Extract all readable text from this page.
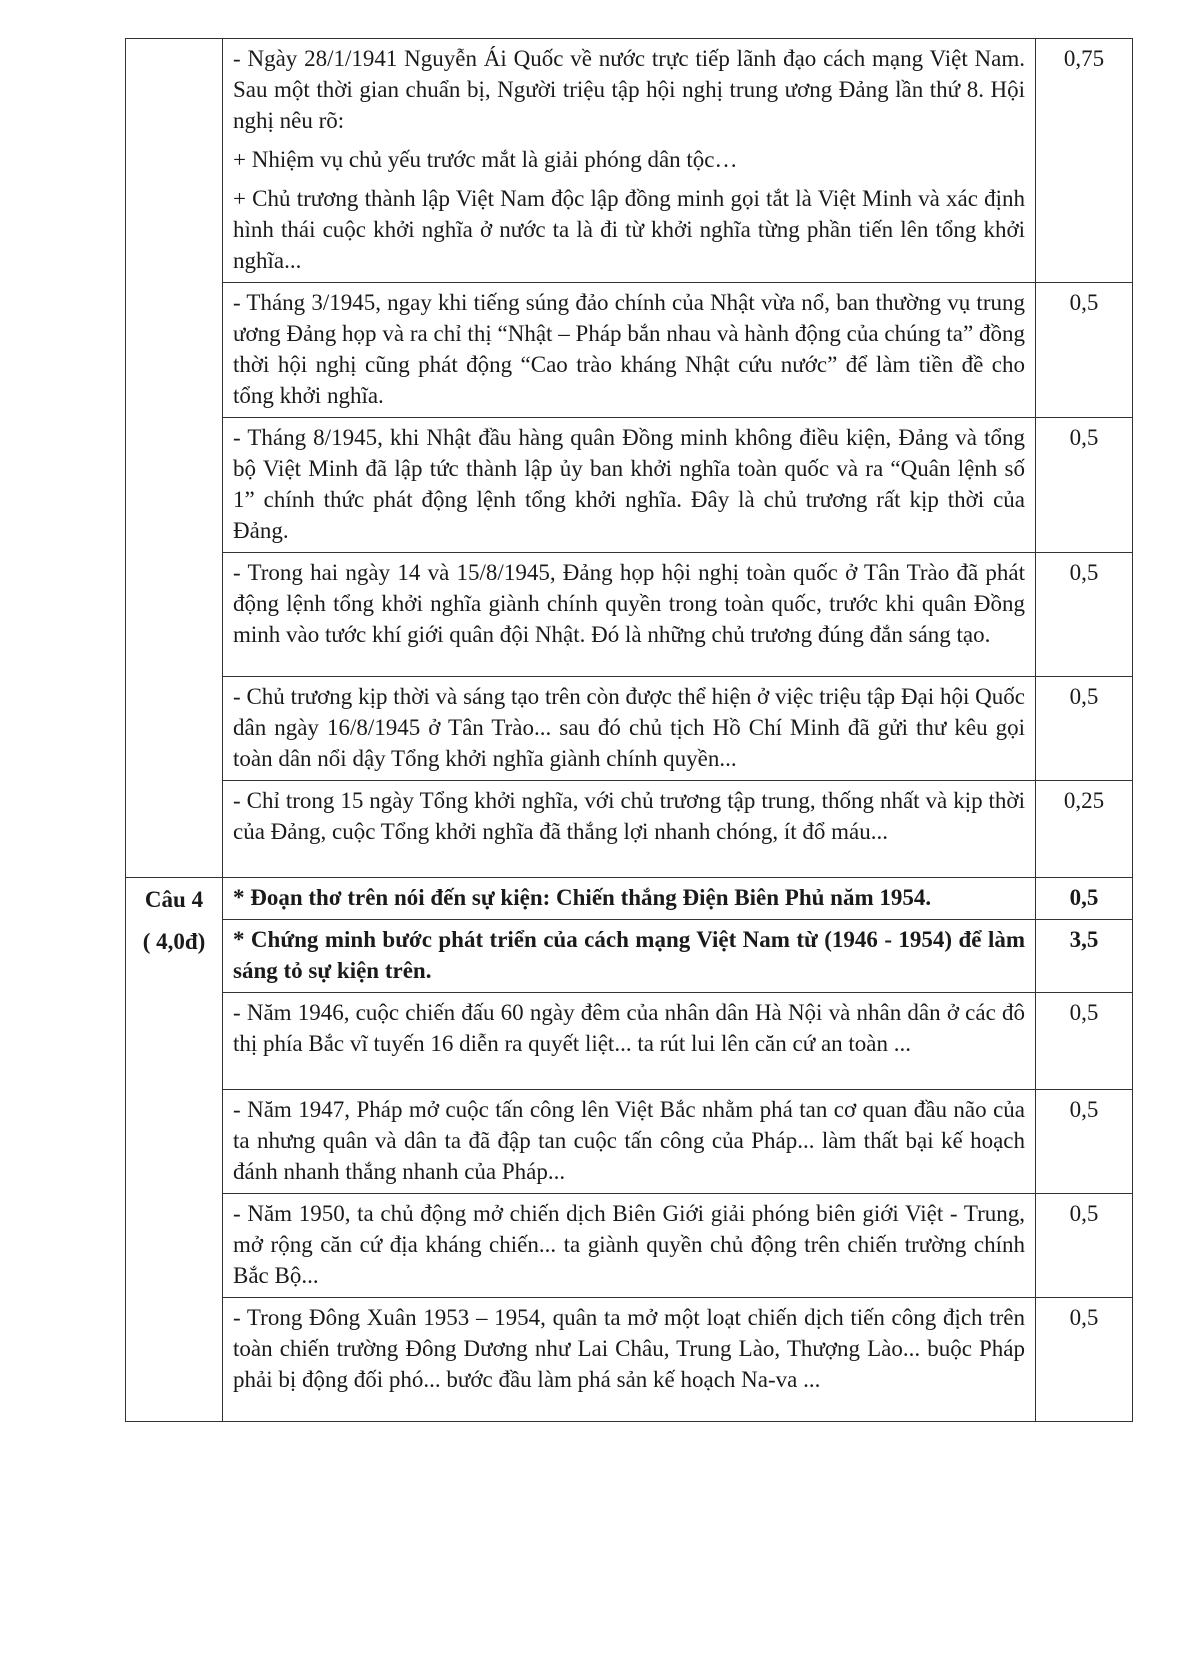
	- Ngày 28/1/1941 Nguyễn Ái Quốc về nước trực tiếp lãnh đạo cách mạng Việt Nam. Sau một thời gian chuẩn bị, Người triệu tập hội nghị trung ương Đảng lần thứ 8. Hội nghị nêu rõ:
+ Nhiệm vụ chủ yếu trước mắt là giải phóng dân tộc…
+ Chủ trương thành lập Việt Nam độc lập đồng minh gọi tắt là Việt Minh và xác định hình thái cuộc khởi nghĩa ở nước ta là đi từ khởi nghĩa từng phần tiến lên tổng khởi nghĩa...	0,75

	- Tháng 3/1945, ngay khi tiếng súng đảo chính của Nhật vừa nổ, ban thường vụ trung ương Đảng họp và ra chỉ thị “Nhật – Pháp bắn nhau và hành động của chúng ta” đồng thời hội nghị cũng phát động “Cao trào kháng Nhật cứu nước” để làm tiền đề cho tổng khởi nghĩa.	0,5

	- Tháng 8/1945, khi Nhật đầu hàng quân Đồng minh không điều kiện, Đảng và tổng bộ Việt Minh đã lập tức thành lập ủy ban khởi nghĩa toàn quốc và ra “Quân lệnh số 1” chính thức phát động lệnh tổng khởi nghĩa. Đây là chủ trương rất kịp thời của Đảng.	0,5

	- Trong hai ngày 14 và 15/8/1945, Đảng họp hội nghị toàn quốc ở Tân Trào đã phát động lệnh tổng khởi nghĩa giành chính quyền trong toàn quốc, trước khi quân Đồng minh vào tước khí giới quân đội Nhật. Đó là những chủ trương đúng đắn sáng tạo.	0,5

	- Chủ trương kịp thời và sáng tạo trên còn được thể hiện ở việc triệu tập Đại hội Quốc dân ngày 16/8/1945 ở Tân Trào... sau đó chủ tịch Hồ Chí Minh đã gửi thư kêu gọi toàn dân nổi dậy Tổng khởi nghĩa giành chính quyền...	0,5

	- Chỉ trong 15 ngày Tổng khởi nghĩa, với chủ trương tập trung, thống nhất và kịp thời của Đảng, cuộc Tổng khởi nghĩa đã thắng lợi nhanh chóng, ít đổ máu...	0,25
Câu 4	* Đoạn thơ trên nói đến sự kiện: Chiến thắng Điện Biên Phủ năm 1954.	0,5
( 4,0đ)	* Chứng minh bước phát triển của cách mạng Việt Nam từ (1946 - 1954) để làm sáng tỏ sự kiện trên.	3,5

	- Năm 1946, cuộc chiến đấu 60 ngày đêm của nhân dân Hà Nội và nhân dân ở các đô thị phía Bắc vĩ tuyến 16 diễn ra quyết liệt... ta rút lui lên căn cứ an toàn ...	0,5

	- Năm 1947, Pháp mở cuộc tấn công lên Việt Bắc nhằm phá tan cơ quan đầu não của ta nhưng quân và dân ta đã đập tan cuộc tấn công của Pháp... làm thất bại kế hoạch đánh nhanh thắng nhanh của Pháp...	0,5

	- Năm 1950, ta chủ động mở chiến dịch Biên Giới giải phóng biên giới Việt - Trung, mở rộng căn cứ địa kháng chiến... ta giành quyền chủ động trên chiến trường chính Bắc Bộ...	0,5

	- Trong Đông Xuân 1953 – 1954, quân ta mở một loạt chiến dịch tiến công địch trên toàn chiến trường Đông Dương như Lai Châu, Trung Lào, Thượng Lào... buộc Pháp phải bị động đối phó... bước đầu làm phá sản kế hoạch Na-va ...	0,5
